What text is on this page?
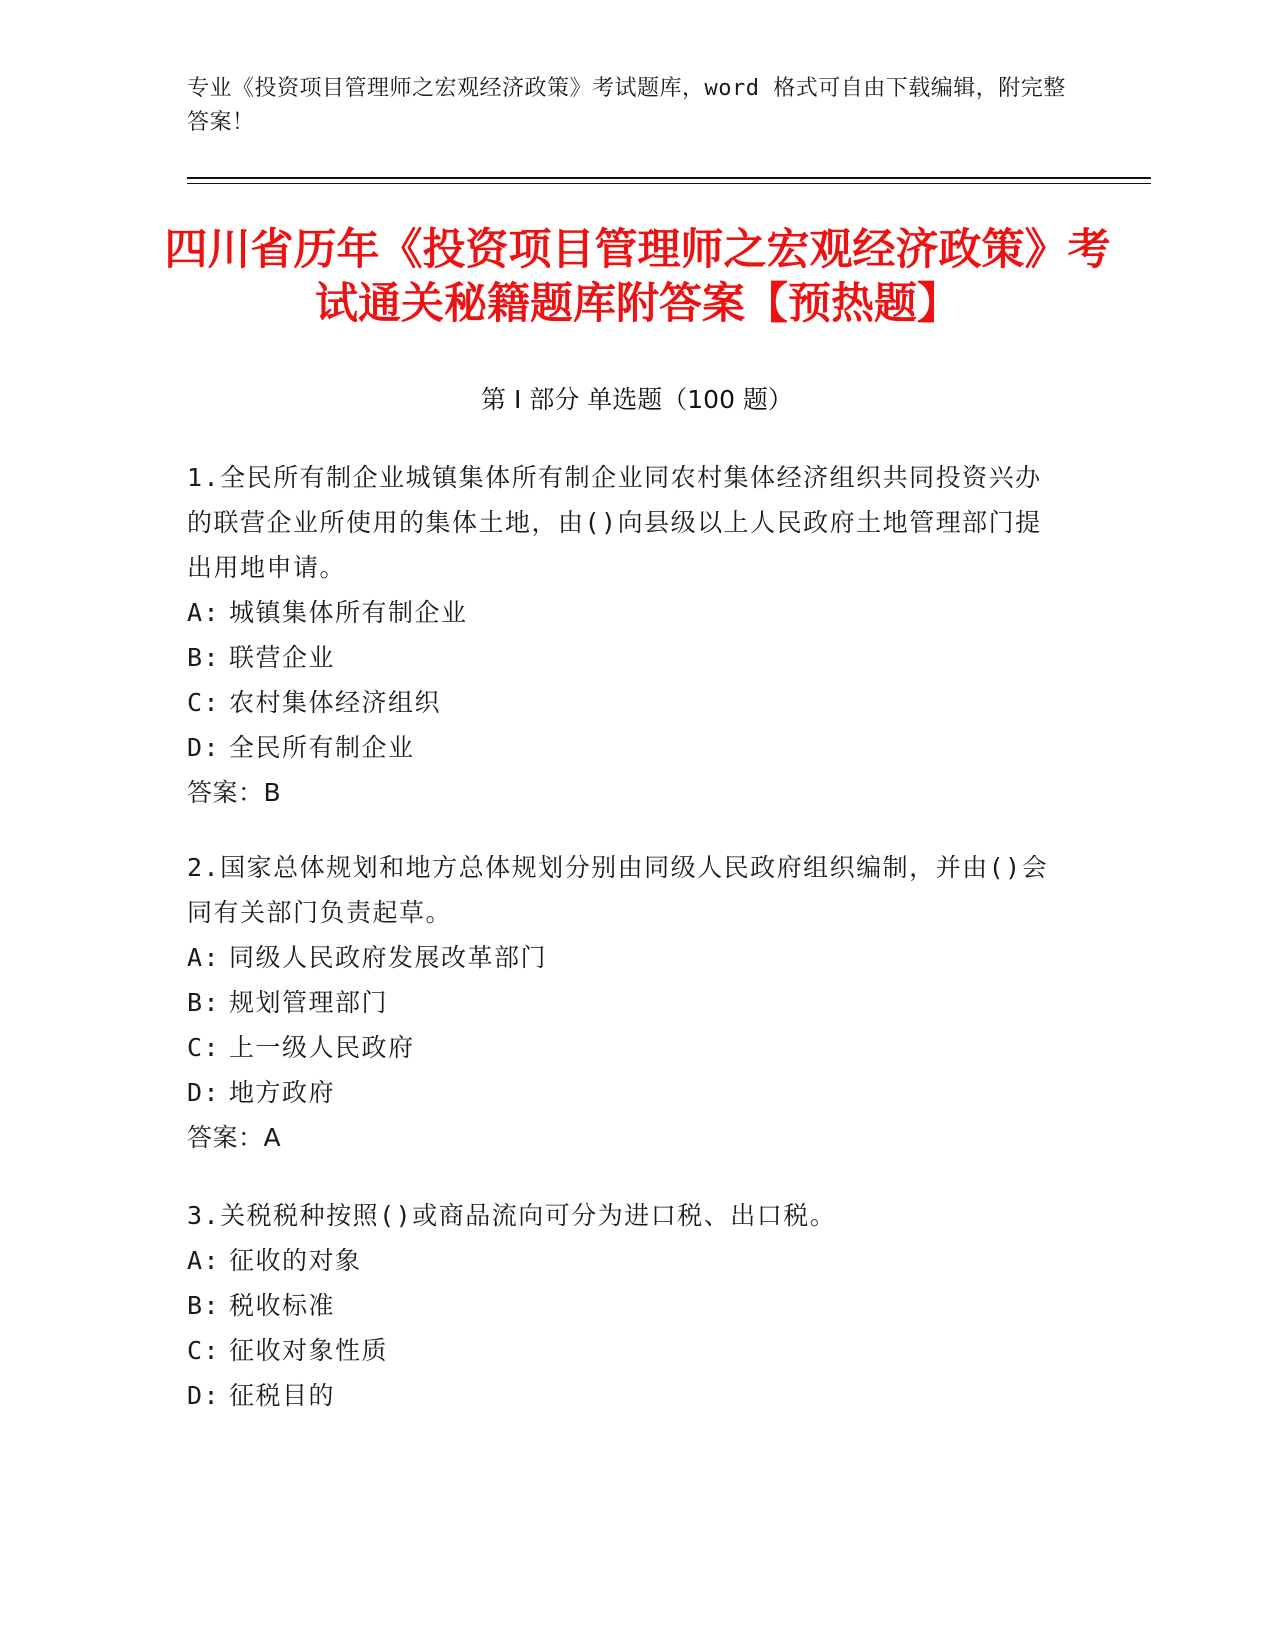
专业《投资项目管理师之宏观经济政策》考试题库，word 格式可自由下载编辑，附完整答案！
四川省历年《投资项目管理师之宏观经济政策》考试通关秘籍题库附答案【预热题】
第 I 部分 单选题（100 题）
1.全民所有制企业城镇集体所有制企业同农村集体经济组织共同投资兴办的联营企业所使用的集体土地，由()向县级以上人民政府土地管理部门提出用地申请。
A: 城镇集体所有制企业
B: 联营企业
C: 农村集体经济组织
D: 全民所有制企业
答案：B
2.国家总体规划和地方总体规划分别由同级人民政府组织编制，并由()会同有关部门负责起草。
A: 同级人民政府发展改革部门
B: 规划管理部门
C: 上一级人民政府
D: 地方政府
答案：A
3.关税税种按照()或商品流向可分为进口税、出口税。
A: 征收的对象
B: 税收标准
C: 征收对象性质
D: 征税目的
